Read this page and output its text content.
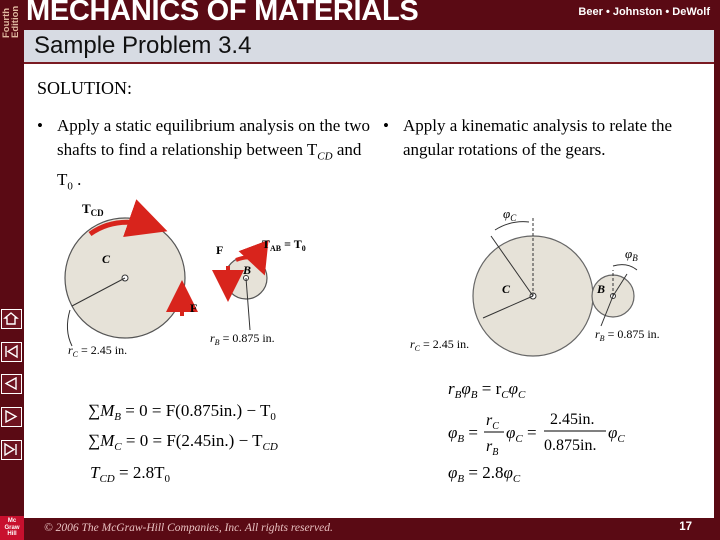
Fourth
Edition
Mc
Graw
Hill
MECHANICS OF MATERIALS	Beer • Johnston • DeWolf
Sample Problem 3.4
SOLUTION:
• Apply a static equilibrium analysis on the two shafts to find a relationship between $T_{CD}$ and $T_0$ .
• Apply a kinematic analysis to relate the angular rotations of the gears.
$T_{CD}$
C
B
$T_{AB} = T_0$
F
F
$r_B = 0.875$ in.
$r_C = 2.45$ in.
$\varphi_C$
C
$\varphi_B$
B
$r_B = 0.875$ in.
$r_C = 2.45$ in.
$\sum M_B = 0 = F(0.875in.) - T_0$
$\sum M_C = 0 = F(2.45in.) - T_{CD}$
$T_{CD} = 2.8T_0$
$r_B\varphi_B = r_C\varphi_C$
$\varphi_B$ =
$r_C$
$r_B$
$\varphi_C$ =
2.45in.
0.875in.
$\varphi_C$
$\varphi_B = 2.8\varphi_C$
© 2006 The McGraw-Hill Companies, Inc. All rights reserved.	17
